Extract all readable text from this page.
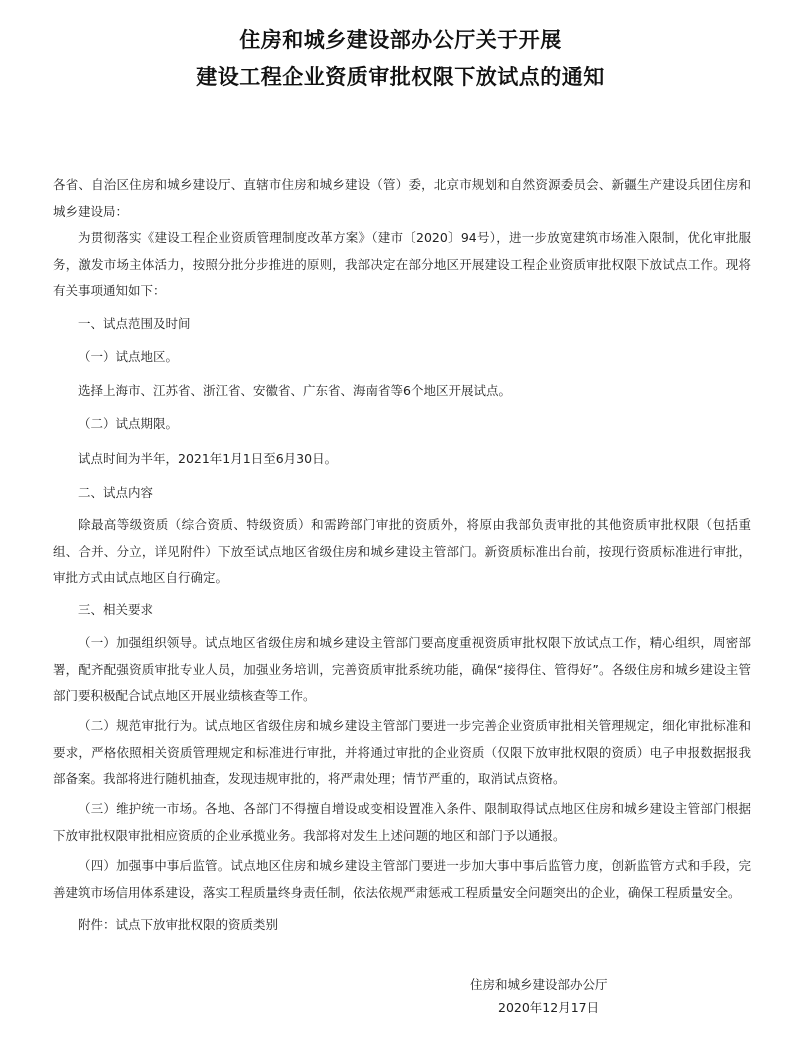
住房和城乡建设部办公厅关于开展
建设工程企业资质审批权限下放试点的通知

各省、自治区住房和城乡建设厅、直辖市住房和城乡建设（管）委，北京市规划和自然资源委员会、新疆生产建设兵团住房和城乡建设局：

为贯彻落实《建设工程企业资质管理制度改革方案》（建市〔2020〕94号），进一步放宽建筑市场准入限制，优化审批服务，激发市场主体活力，按照分批分步推进的原则，我部决定在部分地区开展建设工程企业资质审批权限下放试点工作。现将有关事项通知如下：

一、试点范围及时间

（一）试点地区。

选择上海市、江苏省、浙江省、安徽省、广东省、海南省等6个地区开展试点。

（二）试点期限。

试点时间为半年，2021年1月1日至6月30日。

二、试点内容

除最高等级资质（综合资质、特级资质）和需跨部门审批的资质外，将原由我部负责审批的其他资质审批权限（包括重组、合并、分立，详见附件）下放至试点地区省级住房和城乡建设主管部门。新资质标准出台前，按现行资质标准进行审批，审批方式由试点地区自行确定。

三、相关要求

（一）加强组织领导。试点地区省级住房和城乡建设主管部门要高度重视资质审批权限下放试点工作，精心组织，周密部署，配齐配强资质审批专业人员，加强业务培训，完善资质审批系统功能，确保“接得住、管得好”。各级住房和城乡建设主管部门要积极配合试点地区开展业绩核查等工作。

（二）规范审批行为。试点地区省级住房和城乡建设主管部门要进一步完善企业资质审批相关管理规定，细化审批标准和要求，严格依照相关资质管理规定和标准进行审批，并将通过审批的企业资质（仅限下放审批权限的资质）电子申报数据报我部备案。我部将进行随机抽查，发现违规审批的，将严肃处理；情节严重的，取消试点资格。

（三）维护统一市场。各地、各部门不得擅自增设或变相设置准入条件、限制取得试点地区住房和城乡建设主管部门根据下放审批权限审批相应资质的企业承揽业务。我部将对发生上述问题的地区和部门予以通报。

（四）加强事中事后监管。试点地区住房和城乡建设主管部门要进一步加大事中事后监管力度，创新监管方式和手段，完善建筑市场信用体系建设，落实工程质量终身责任制，依法依规严肃惩戒工程质量安全问题突出的企业，确保工程质量安全。

附件：试点下放审批权限的资质类别

住房和城乡建设部办公厅
2020年12月17日
